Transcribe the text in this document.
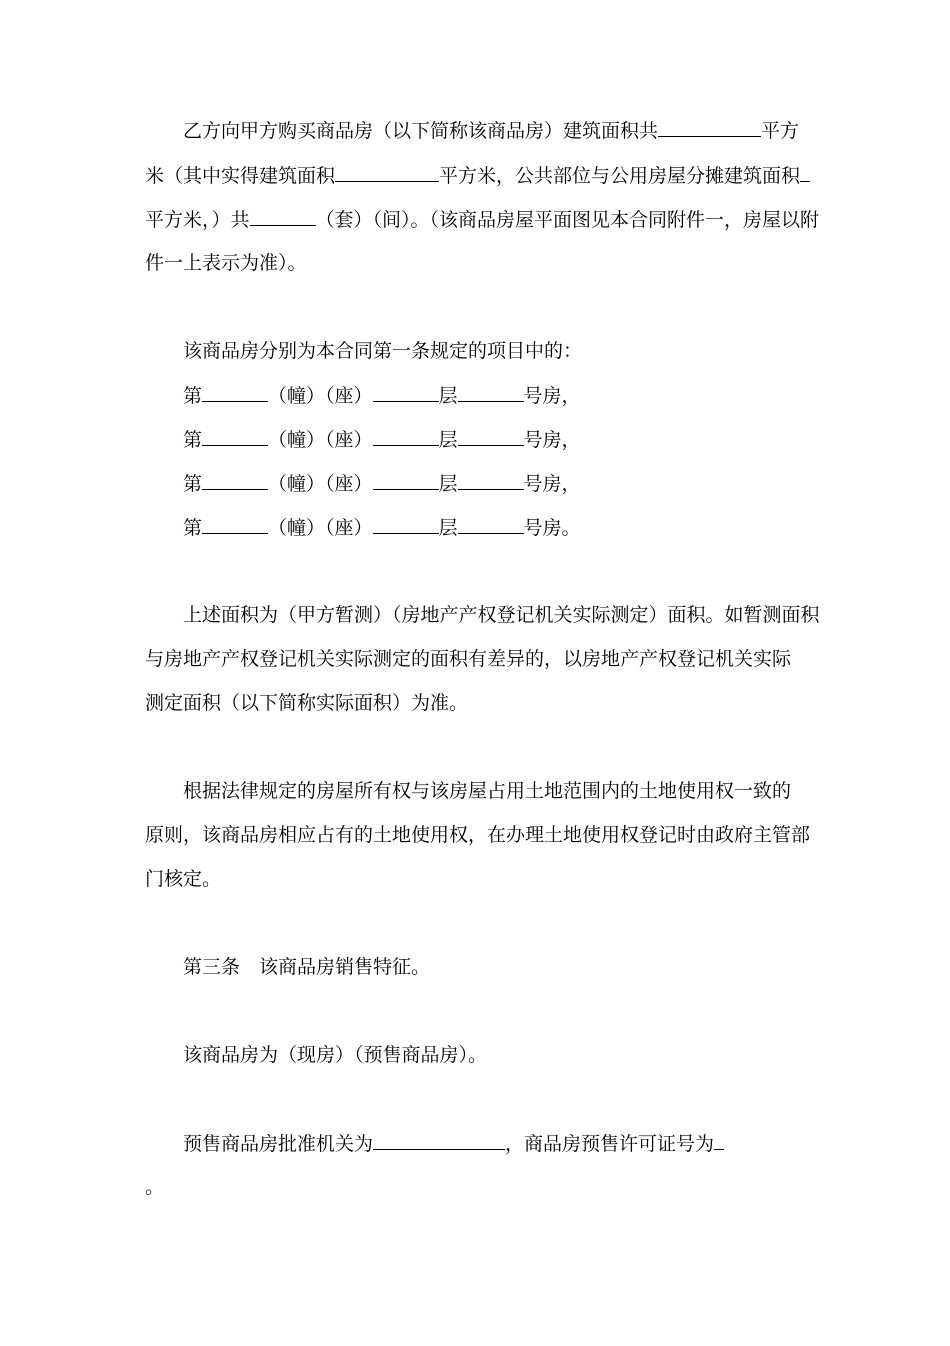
乙方向甲方购买商品房（以下简称该商品房）建筑面积共	平方
米（其中实得建筑面积	平方米，公共部位与公用房屋分摊建筑面积
平方米，）共	（套）（间）。（该商品房屋平面图见本合同附件一，房屋以附
件一上表示为准）。
该商品房分别为本合同第一条规定的项目中的：
第	（幢）（座）	层	号房，
第	（幢）（座）	层	号房，
第	（幢）（座）	层	号房，
第	（幢）（座）	层	号房。
上述面积为（甲方暂测）（房地产产权登记机关实际测定）面积。如暂测面积
与房地产产权登记机关实际测定的面积有差异的，以房地产产权登记机关实际
测定面积（以下简称实际面积）为准。
根据法律规定的房屋所有权与该房屋占用土地范围内的土地使用权一致的
原则，该商品房相应占有的土地使用权，在办理土地使用权登记时由政府主管部
门核定。
第三条 该商品房销售特征。
该商品房为（现房）（预售商品房）。
预售商品房批准机关为	，商品房预售许可证号为
。
